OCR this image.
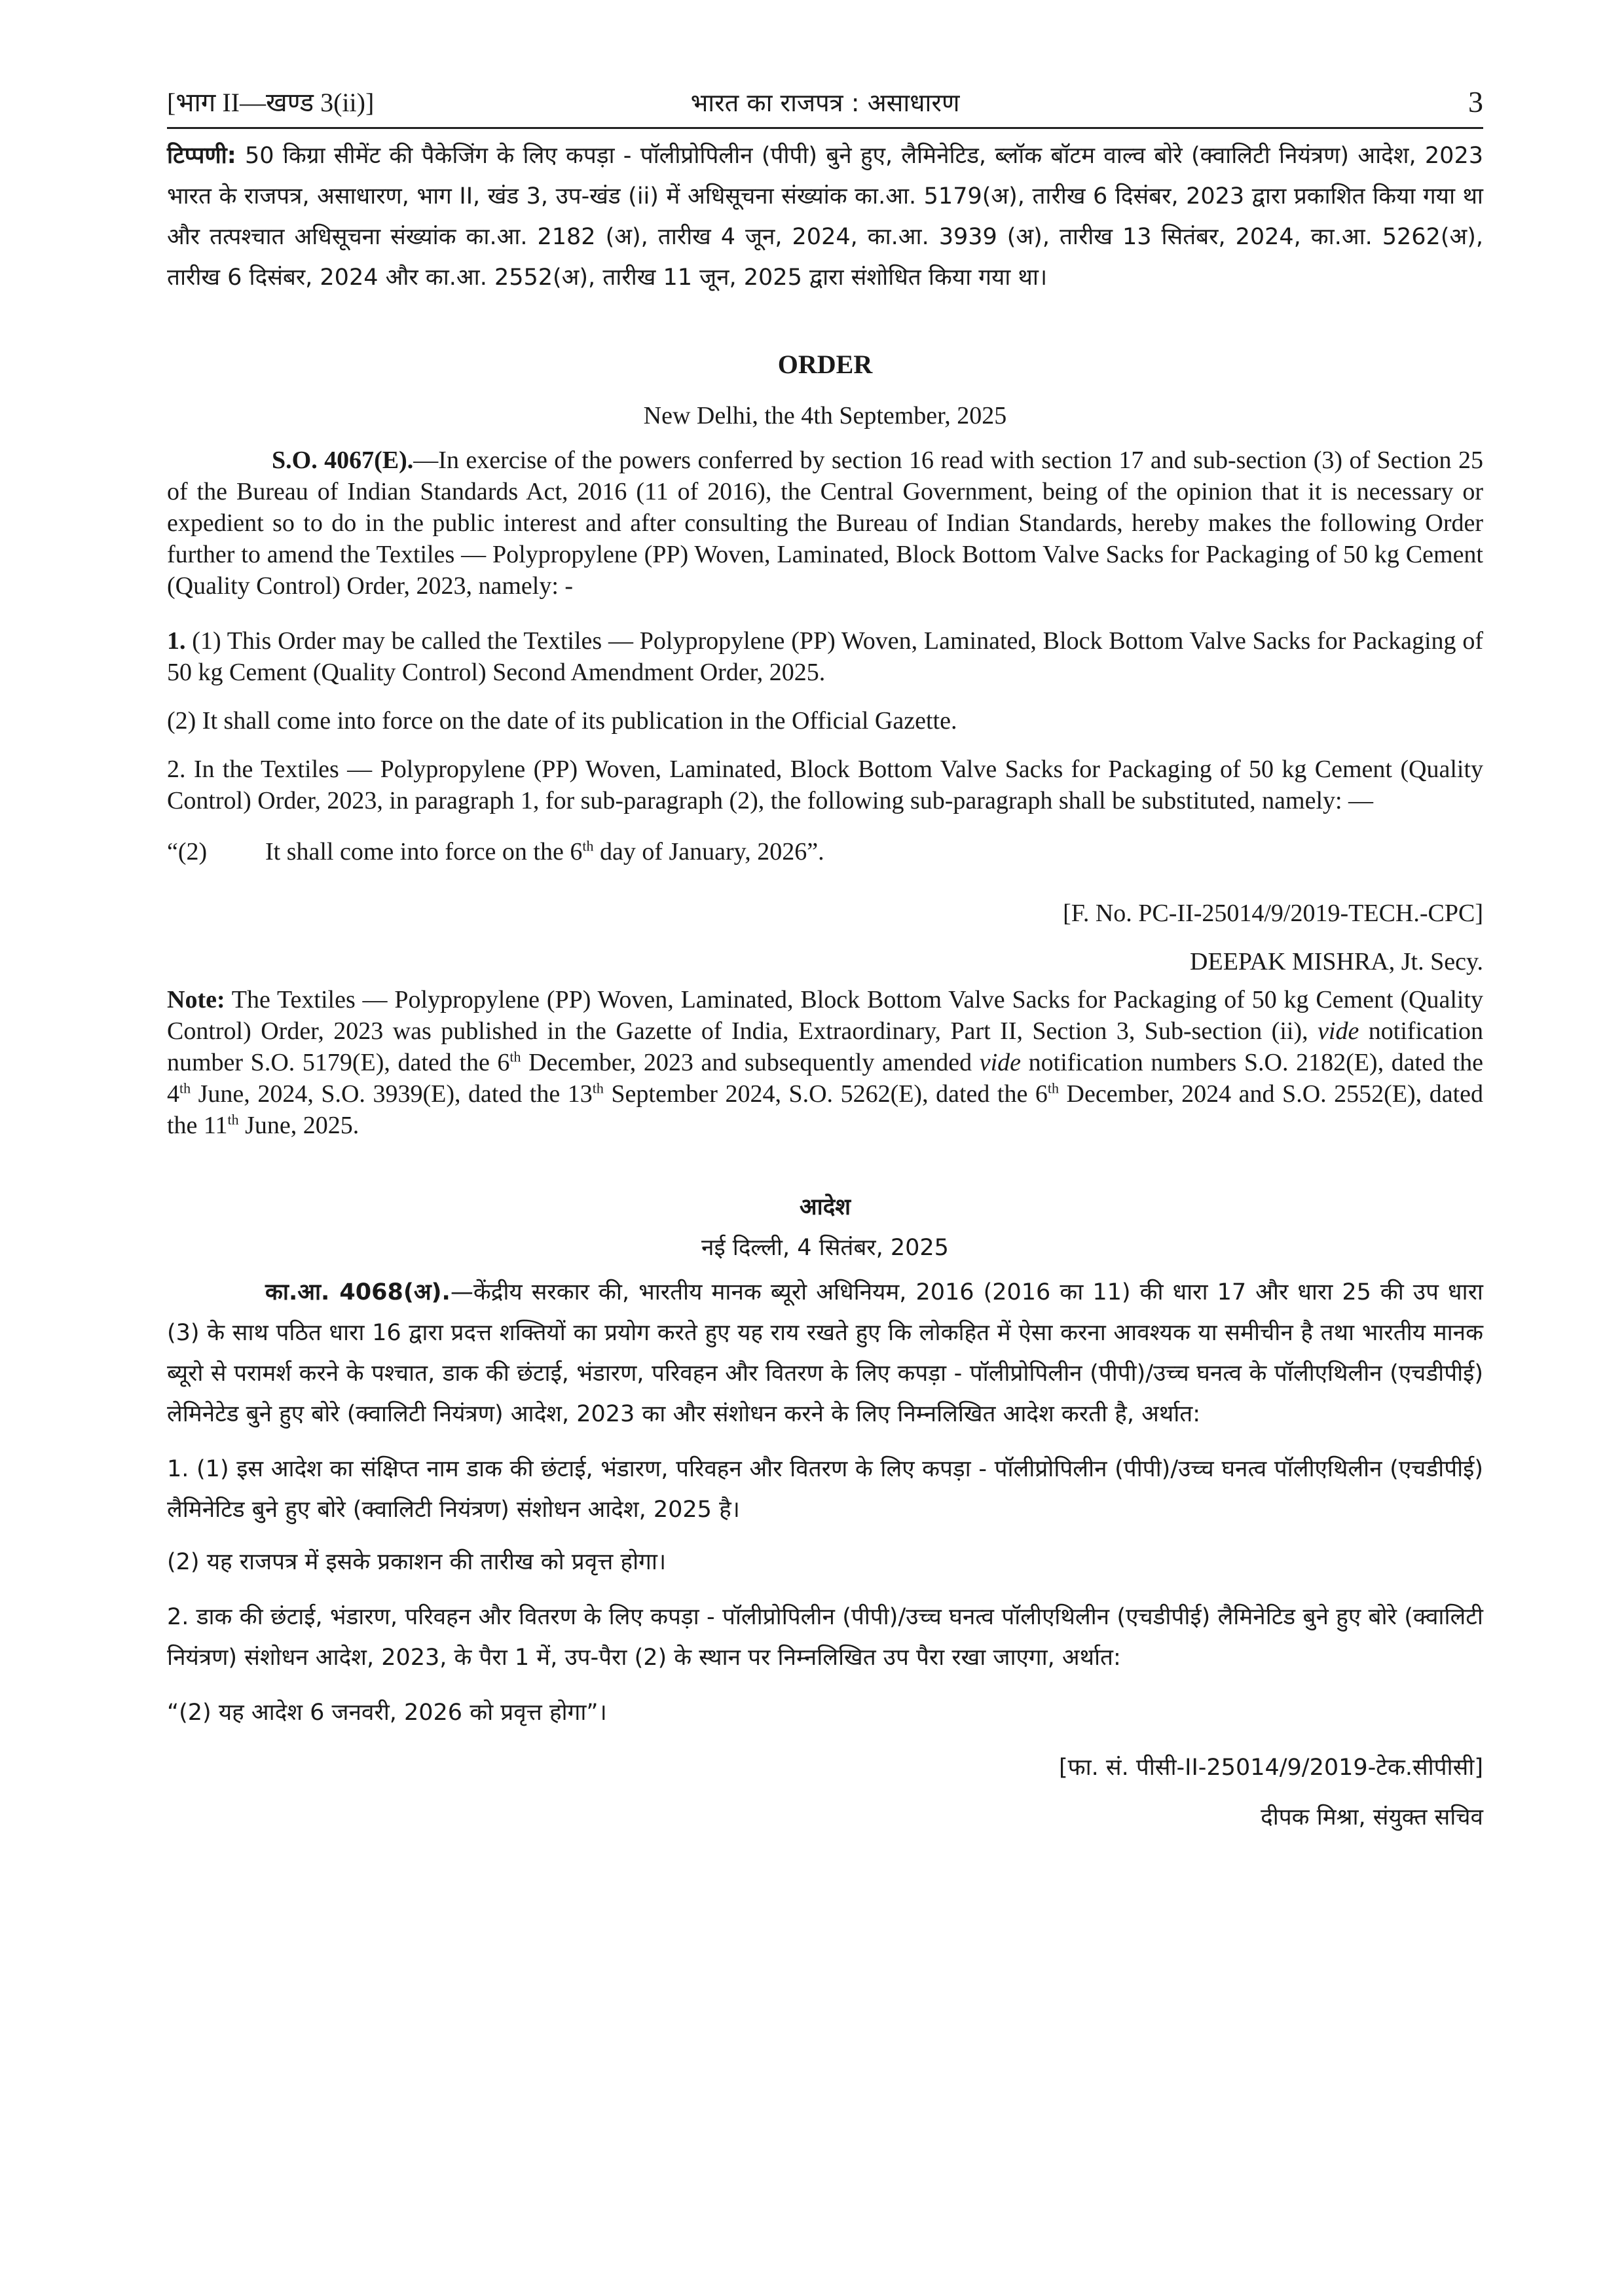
[भाग II—खण्ड 3(ii)]	भारत का राजपत्र : असाधारण	3

टिप्पणी: 50 किग्रा सीमेंट की पैकेजिंग के लिए कपड़ा - पॉलीप्रोपिलीन (पीपी) बुने हुए, लैमिनेटिड, ब्लॉक बॉटम वाल्व बोरे (क्वालिटी नियंत्रण) आदेश, 2023 भारत के राजपत्र, असाधारण, भाग II, खंड 3, उप-खंड (ii) में अधिसूचना संख्यांक का.आ. 5179(अ), तारीख 6 दिसंबर, 2023 द्वारा प्रकाशित किया गया था और तत्पश्चात अधिसूचना संख्यांक का.आ. 2182 (अ), तारीख 4 जून, 2024, का.आ. 3939 (अ), तारीख 13 सितंबर, 2024, का.आ. 5262(अ), तारीख 6 दिसंबर, 2024 और का.आ. 2552(अ), तारीख 11 जून, 2025 द्वारा संशोधित किया गया था।

ORDER

New Delhi, the 4th September, 2025

S.O. 4067(E).—In exercise of the powers conferred by section 16 read with section 17 and sub-section (3) of Section 25 of the Bureau of Indian Standards Act, 2016 (11 of 2016), the Central Government, being of the opinion that it is necessary or expedient so to do in the public interest and after consulting the Bureau of Indian Standards, hereby makes the following Order further to amend the Textiles — Polypropylene (PP) Woven, Laminated, Block Bottom Valve Sacks for Packaging of 50 kg Cement (Quality Control) Order, 2023, namely: -

1. (1) This Order may be called the Textiles — Polypropylene (PP) Woven, Laminated, Block Bottom Valve Sacks for Packaging of 50 kg Cement (Quality Control) Second Amendment Order, 2025.

(2) It shall come into force on the date of its publication in the Official Gazette.

2. In the Textiles — Polypropylene (PP) Woven, Laminated, Block Bottom Valve Sacks for Packaging of 50 kg Cement (Quality Control) Order, 2023, in paragraph 1, for sub-paragraph (2), the following sub-paragraph shall be substituted, namely: —

“(2) It shall come into force on the 6th day of January, 2026”.

[F. No. PC-II-25014/9/2019-TECH.-CPC]

DEEPAK MISHRA, Jt. Secy.

Note: The Textiles — Polypropylene (PP) Woven, Laminated, Block Bottom Valve Sacks for Packaging of 50 kg Cement (Quality Control) Order, 2023 was published in the Gazette of India, Extraordinary, Part II, Section 3, Sub-section (ii), vide notification number S.O. 5179(E), dated the 6th December, 2023 and subsequently amended vide notification numbers S.O. 2182(E), dated the 4th June, 2024, S.O. 3939(E), dated the 13th September 2024, S.O. 5262(E), dated the 6th December, 2024 and S.O. 2552(E), dated the 11th June, 2025.

आदेश

नई दिल्ली, 4 सितंबर, 2025

का.आ. 4068(अ).—केंद्रीय सरकार की, भारतीय मानक ब्यूरो अधिनियम, 2016 (2016 का 11) की धारा 17 और धारा 25 की उप धारा (3) के साथ पठित धारा 16 द्वारा प्रदत्त शक्तियों का प्रयोग करते हुए यह राय रखते हुए कि लोकहित में ऐसा करना आवश्यक या समीचीन है तथा भारतीय मानक ब्यूरो से परामर्श करने के पश्चात, डाक की छंटाई, भंडारण, परिवहन और वितरण के लिए कपड़ा - पॉलीप्रोपिलीन (पीपी)/उच्च घनत्व के पॉलीएथिलीन (एचडीपीई) लेमिनेटेड बुने हुए बोरे (क्वालिटी नियंत्रण) आदेश, 2023 का और संशोधन करने के लिए निम्नलिखित आदेश करती है, अर्थात:

1. (1) इस आदेश का संक्षिप्त नाम डाक की छंटाई, भंडारण, परिवहन और वितरण के लिए कपड़ा - पॉलीप्रोपिलीन (पीपी)/उच्च घनत्व पॉलीएथिलीन (एचडीपीई) लैमिनेटिड बुने हुए बोरे (क्वालिटी नियंत्रण) संशोधन आदेश, 2025 है।

(2) यह राजपत्र में इसके प्रकाशन की तारीख को प्रवृत्त होगा।

2. डाक की छंटाई, भंडारण, परिवहन और वितरण के लिए कपड़ा - पॉलीप्रोपिलीन (पीपी)/उच्च घनत्व पॉलीएथिलीन (एचडीपीई) लैमिनेटिड बुने हुए बोरे (क्वालिटी नियंत्रण) संशोधन आदेश, 2023, के पैरा 1 में, उप-पैरा (2) के स्थान पर निम्नलिखित उप पैरा रखा जाएगा, अर्थात:

“(2) यह आदेश 6 जनवरी, 2026 को प्रवृत्त होगा”।

[फा. सं. पीसी-II-25014/9/2019-टेक.सीपीसी]

दीपक मिश्रा, संयुक्त सचिव
